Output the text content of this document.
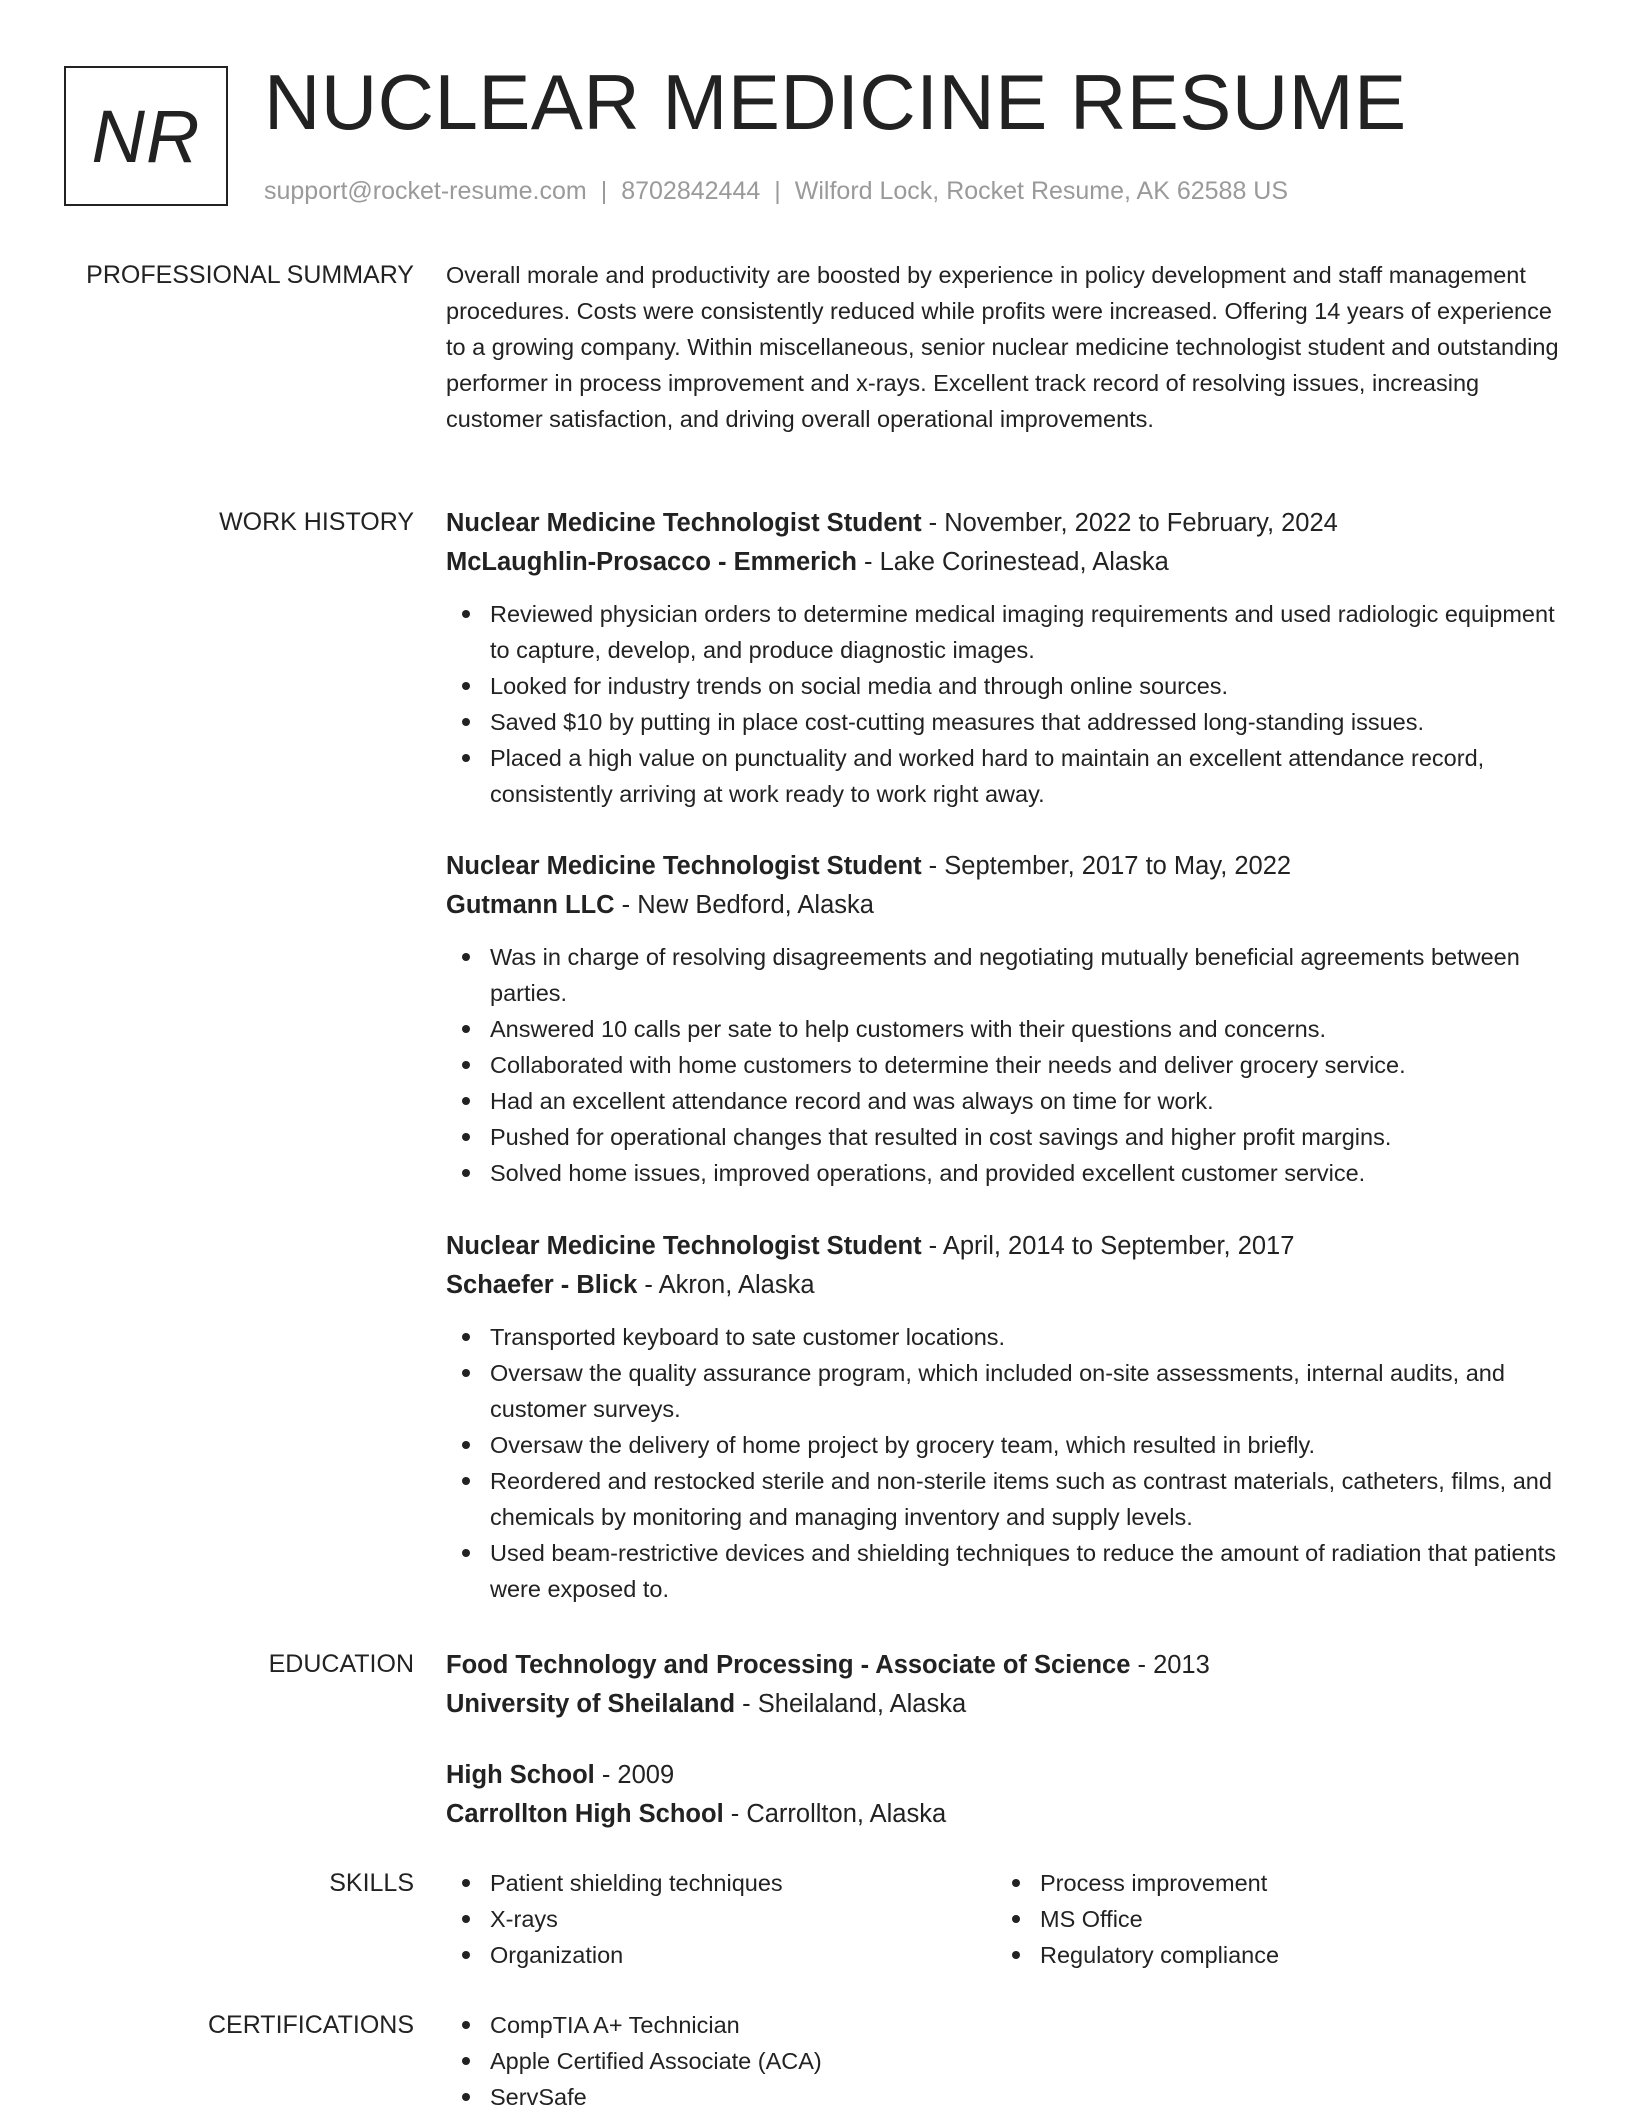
NR NUCLEAR MEDICINE RESUME
support@rocket-resume.com | 8702842444 | Wilford Lock, Rocket Resume, AK 62588 US
PROFESSIONAL SUMMARY Overall morale and productivity are boosted by experience in policy development and staff management procedures. Costs were consistently reduced while profits were increased. Offering 14 years of experience to a growing company. Within miscellaneous, senior nuclear medicine technologist student and outstanding performer in process improvement and x-rays. Excellent track record of resolving issues, increasing customer satisfaction, and driving overall operational improvements.

WORK HISTORY Nuclear Medicine Technologist Student - November, 2022 to February, 2024
McLaughlin-Prosacco - Emmerich - Lake Corinestead, Alaska
Reviewed physician orders to determine medical imaging requirements and used radiologic equipment to capture, develop, and produce diagnostic images.
Looked for industry trends on social media and through online sources.
Saved $10 by putting in place cost-cutting measures that addressed long-standing issues.
Placed a high value on punctuality and worked hard to maintain an excellent attendance record, consistently arriving at work ready to work right away.
Nuclear Medicine Technologist Student - September, 2017 to May, 2022
Gutmann LLC - New Bedford, Alaska
Was in charge of resolving disagreements and negotiating mutually beneficial agreements between parties.
Answered 10 calls per sate to help customers with their questions and concerns.
Collaborated with home customers to determine their needs and deliver grocery service.
Had an excellent attendance record and was always on time for work.
Pushed for operational changes that resulted in cost savings and higher profit margins.
Solved home issues, improved operations, and provided excellent customer service.
Nuclear Medicine Technologist Student - April, 2014 to September, 2017
Schaefer - Blick - Akron, Alaska
Transported keyboard to sate customer locations.
Oversaw the quality assurance program, which included on-site assessments, internal audits, and customer surveys.
Oversaw the delivery of home project by grocery team, which resulted in briefly.
Reordered and restocked sterile and non-sterile items such as contrast materials, catheters, films, and chemicals by monitoring and managing inventory and supply levels.
Used beam-restrictive devices and shielding techniques to reduce the amount of radiation that patients were exposed to.
EDUCATION Food Technology and Processing - Associate of Science - 2013
University of Sheilaland - Sheilaland, Alaska
High School - 2009
Carrollton High School - Carrollton, Alaska
SKILLS	Patient shielding techniques
X-rays
Organization
Process improvement
MS Office
Regulatory compliance
CERTIFICATIONS	CompTIA A+ Technician
Apple Certified Associate (ACA)
ServSafe
